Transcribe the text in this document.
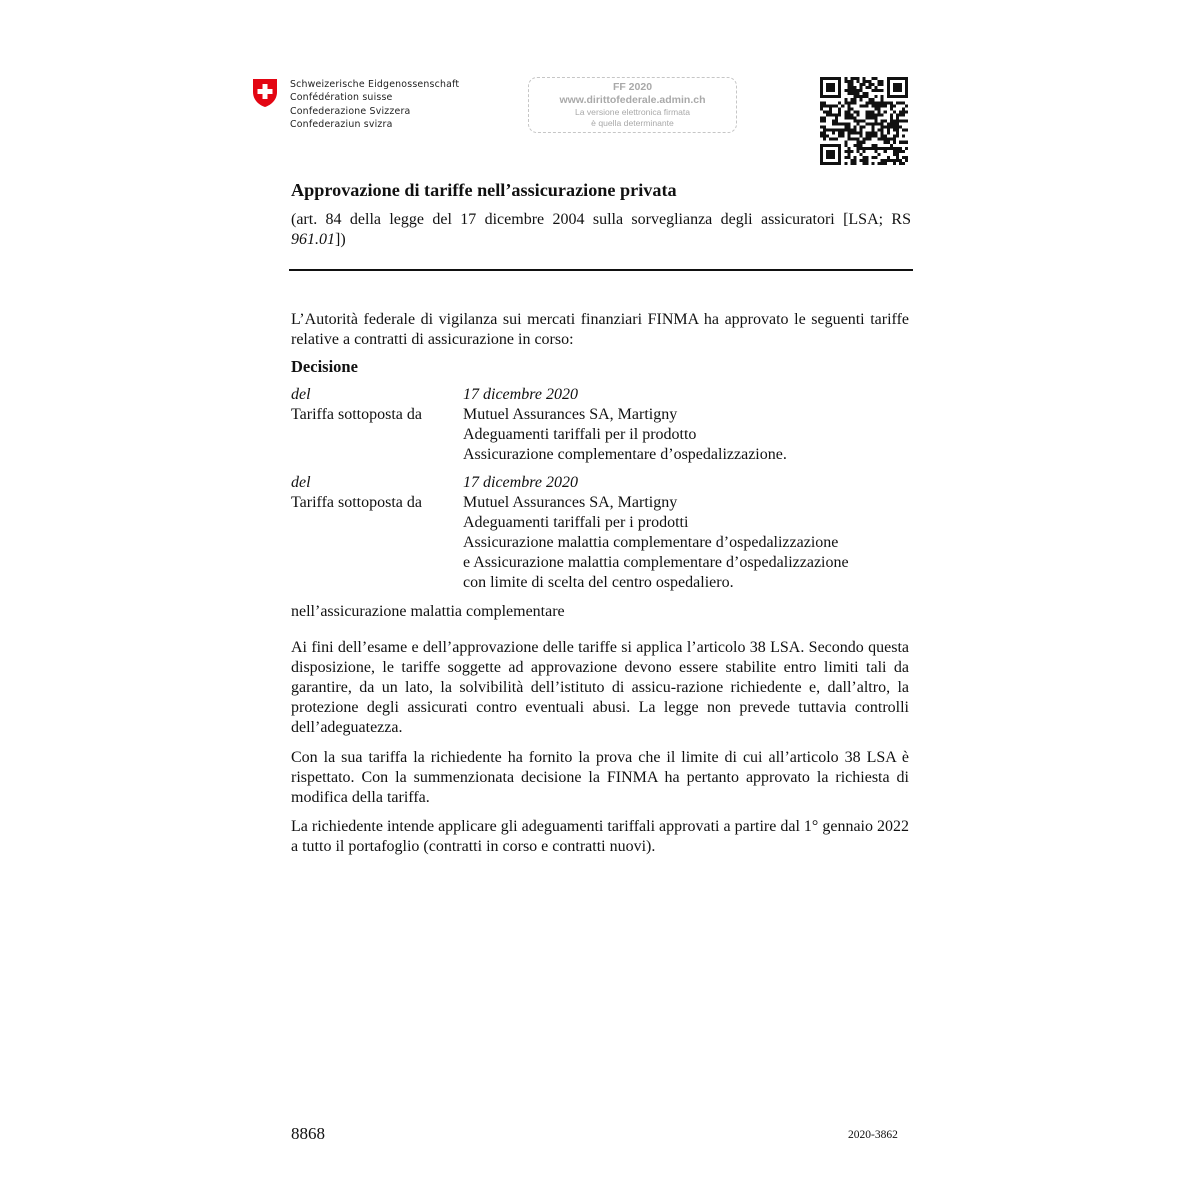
Schweizerische Eidgenossenschaft
Confédération suisse
Confederazione Svizzera
Confederaziun svizra
FF 2020
www.dirittofederale.admin.ch
La versione elettronica firmata
è quella determinante
Approvazione di tariffe nell’assicurazione privata
(art. 84 della legge del 17 dicembre 2004 sulla sorveglianza degli assicuratori [LSA; RS 961.01])

L’Autorità federale di vigilanza sui mercati finanziari FINMA ha approvato le seguenti tariffe relative a contratti di assicurazione in corso:

Decisione
del	17 dicembre 2020
Tariffa sottoposta da	Mutuel Assurances SA, Martigny
Adeguamenti tariffali per il prodotto
Assicurazione complementare d’ospedalizzazione.
del	17 dicembre 2020
Tariffa sottoposta da	Mutuel Assurances SA, Martigny
Adeguamenti tariffali per i prodotti
Assicurazione malattia complementare d’ospedalizzazione
e Assicurazione malattia complementare d’ospedalizzazione
con limite di scelta del centro ospedaliero.
nell’assicurazione malattia complementare

Ai fini dell’esame e dell’approvazione delle tariffe si applica l’articolo 38 LSA. Secondo questa disposizione, le tariffe soggette ad approvazione devono essere stabilite entro limiti tali da garantire, da un lato, la solvibilità dell’istituto di assicu-razione richiedente e, dall’altro, la protezione degli assicurati contro eventuali abusi. La legge non prevede tuttavia controlli dell’adeguatezza.

Con la sua tariffa la richiedente ha fornito la prova che il limite di cui all’articolo 38 LSA è rispettato. Con la summenzionata decisione la FINMA ha pertanto approvato la richiesta di modifica della tariffa.

La richiedente intende applicare gli adeguamenti tariffali approvati a partire dal 1° gennaio 2022 a tutto il portafoglio (contratti in corso e contratti nuovi).

8868	2020-3862
